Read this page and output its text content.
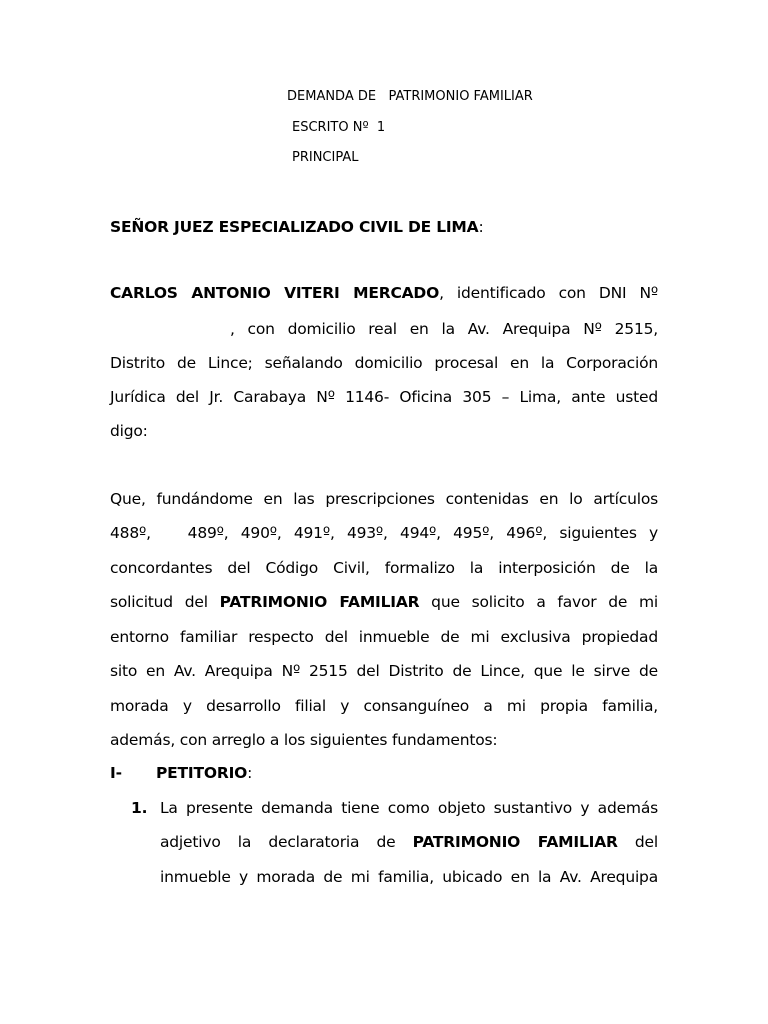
DEMANDA DE   PATRIMONIO FAMILIAR
ESCRITO Nº  1
PRINCIPAL
SEÑOR JUEZ ESPECIALIZADO CIVIL DE LIMA:
CARLOS ANTONIO VITERI MERCADO, identificado con DNI Nº
, con domicilio real en la Av. Arequipa Nº 2515,
Distrito de Lince; señalando domicilio procesal en la Corporación
Jurídica del Jr. Carabaya Nº 1146- Oficina 305 – Lima, ante usted
digo:
Que, fundándome en las prescripciones contenidas en lo artículos
488º,   489º, 490º, 491º, 493º, 494º, 495º, 496º, siguientes y
concordantes del Código Civil, formalizo la interposición de la
solicitud del PATRIMONIO FAMILIAR que solicito a favor de mi
entorno familiar respecto del inmueble de mi exclusiva propiedad
sito en Av. Arequipa Nº 2515 del Distrito de Lince, que le sirve de
morada y desarrollo filial y consanguíneo a mi propia familia,
además, con arreglo a los siguientes fundamentos:
I- PETITORIO:
1. La presente demanda tiene como objeto sustantivo y además
adjetivo la declaratoria de PATRIMONIO FAMILIAR del
inmueble y morada de mi familia, ubicado en la Av. Arequipa
